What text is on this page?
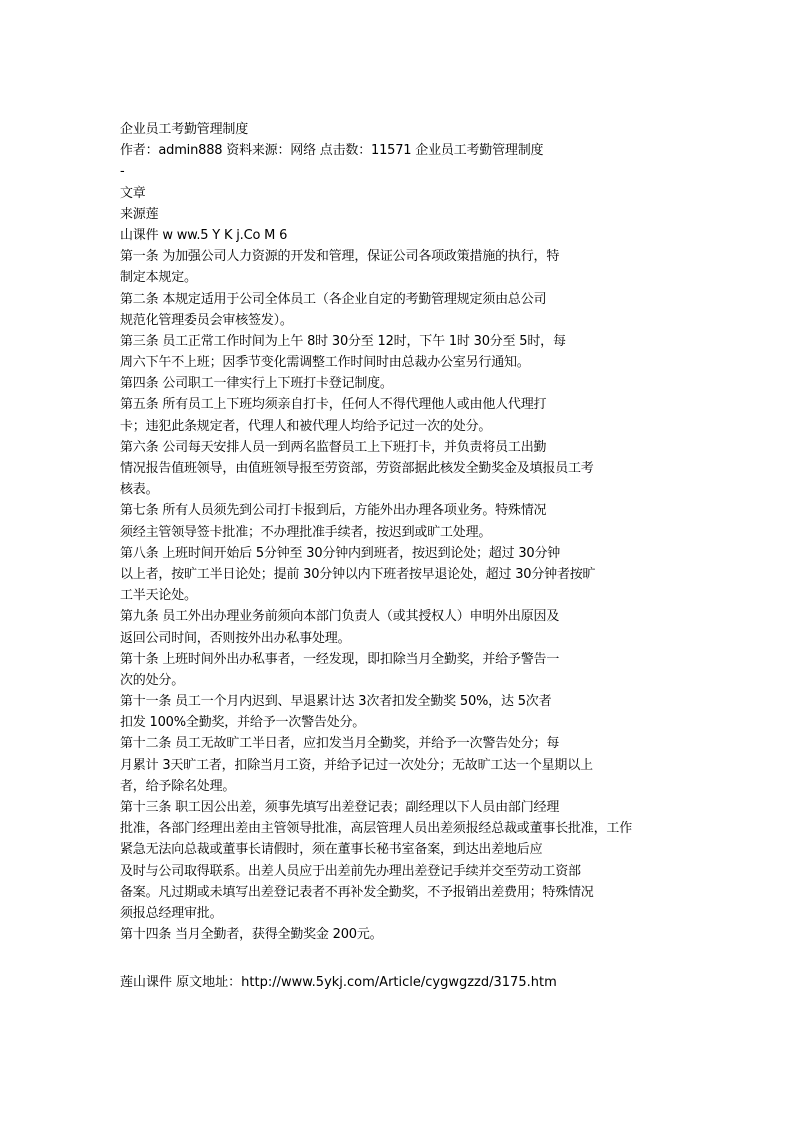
企业员工考勤管理制度
作者：admin888 资料来源：网络 点击数：11571 企业员工考勤管理制度
-
文章
来源莲
山课件 w ww.5 Y K j.Co M 6
第一条 为加强公司人力资源的开发和管理，保证公司各项政策措施的执行，特
制定本规定。
第二条 本规定适用于公司全体员工（各企业自定的考勤管理规定须由总公司
规范化管理委员会审核签发）。
第三条 员工正常工作时间为上午 8时 30分至 12时，下午 1时 30分至 5时，每
周六下午不上班；因季节变化需调整工作时间时由总裁办公室另行通知。
第四条 公司职工一律实行上下班打卡登记制度。
第五条 所有员工上下班均须亲自打卡，任何人不得代理他人或由他人代理打
卡；违犯此条规定者，代理人和被代理人均给予记过一次的处分。
第六条 公司每天安排人员一到两名监督员工上下班打卡，并负责将员工出勤
情况报告值班领导，由值班领导报至劳资部，劳资部据此核发全勤奖金及填报员工考
核表。
第七条 所有人员须先到公司打卡报到后，方能外出办理各项业务。特殊情况
须经主管领导签卡批准；不办理批准手续者，按迟到或旷工处理。
第八条 上班时间开始后 5分钟至 30分钟内到班者，按迟到论处；超过 30分钟
以上者，按旷工半日论处；提前 30分钟以内下班者按早退论处，超过 30分钟者按旷
工半天论处。
第九条 员工外出办理业务前须向本部门负责人（或其授权人）申明外出原因及
返回公司时间，否则按外出办私事处理。
第十条 上班时间外出办私事者，一经发现，即扣除当月全勤奖，并给予警告一
次的处分。
第十一条 员工一个月内迟到、早退累计达 3次者扣发全勤奖 50%，达 5次者
扣发 100%全勤奖，并给予一次警告处分。
第十二条 员工无故旷工半日者，应扣发当月全勤奖，并给予一次警告处分；每
月累计 3天旷工者，扣除当月工资，并给予记过一次处分；无故旷工达一个星期以上
者，给予除名处理。
第十三条 职工因公出差，须事先填写出差登记表；副经理以下人员由部门经理
批准，各部门经理出差由主管领导批准，高层管理人员出差须报经总裁或董事长批准，工作
紧急无法向总裁或董事长请假时，须在董事长秘书室备案，到达出差地后应
及时与公司取得联系。出差人员应于出差前先办理出差登记手续并交至劳动工资部
备案。凡过期或未填写出差登记表者不再补发全勤奖，不予报销出差费用；特殊情况
须报总经理审批。
第十四条 当月全勤者，获得全勤奖金 200元。
莲山课件 原文地址：http://www.5ykj.com/Article/cygwgzzd/3175.htm
